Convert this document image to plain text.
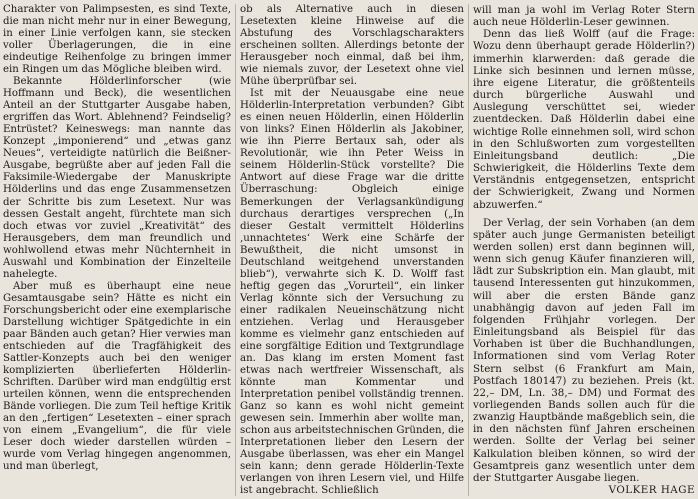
Charakter von Palimpsesten, es sind Texte, die man nicht mehr nur in einer Bewegung, in einer Linie verfolgen kann, sie stecken voller Überlagerungen, die in eine eindeutige Reihenfolge zu bringen immer ein Ringen um das Mögliche bleiben wird.

Bekannte Hölderlinforscher (wie Hoffmann und Beck), die wesentlichen Anteil an der Stuttgarter Ausgabe haben, ergriffen das Wort. Ablehnend? Feindselig? Entrüstet? Keineswegs: man nannte das Konzept „imponierend“ und „etwas ganz Neues“, verteidigte natürlich die Beißner-Ausgabe, begrüßte aber auf jeden Fall die Faksimile-Wiedergabe der Manuskripte Hölderlins und das enge Zusammensetzen der Schritte bis zum Lesetext. Nur was dessen Gestalt angeht, fürchtete man sich doch etwas vor zuviel „Kreativität“ des Herausgebers, dem man freundlich und wohlwollend etwas mehr Nüchternheit in Auswahl und Kombination der Einzelteile nahelegte.

Aber muß es überhaupt eine neue Gesamtausgabe sein? Hätte es nicht ein Forschungsbericht oder eine exemplarische Darstellung wichtiger Spätgedichte in ein paar Bänden auch getan? Hier verwies man entschieden auf die Tragfähigkeit des Sattler-Konzepts auch bei den weniger komplizierten überlieferten Hölderlin-Schriften. Darüber wird man endgültig erst urteilen können, wenn die entsprechenden Bände vorliegen. Die zum Teil heftige Kritik an den „fertigen“ Lesetexten – einer sprach von einem „Evangelium“, die für viele Leser doch wieder darstellen würden – wurde vom Verlag hingegen angenommen, und man überlegt,

ob als Alternative auch in diesen Lesetexten kleine Hinweise auf die Abstufung des Vorschlagscharakters erscheinen sollten. Allerdings betonte der Herausgeber noch einmal, daß bei ihm, wie niemals zuvor, der Lesetext ohne viel Mühe überprüfbar sei.

Ist mit der Neuausgabe eine neue Hölderlin-Interpretation verbunden? Gibt es einen neuen Hölderlin, einen Hölderlin von links? Einen Hölderlin als Jakobiner, wie ihn Pierre Bertaux sah, oder als Revolutionär, wie ihn Peter Weiss in seinem Hölderlin-Stück vorstellte? Die Antwort auf diese Frage war die dritte Überraschung: Obgleich einige Bemerkungen der Verlagsankündigung durchaus derartiges versprechen („In dieser Gestalt vermittelt Hölderlins ‚unnachtetes‘ Werk eine Schärfe der Bewußtheit, die nicht umsonst in Deutschland weitgehend unverstanden blieb“), verwahrte sich K. D. Wolff fast heftig gegen das „Vorurteil“, ein linker Verlag könnte sich der Versuchung zu einer radikalen Neueinschätzung nicht entziehen. Verlag und Herausgeber komme es vielmehr ganz entschieden auf eine sorgfältige Edition und Textgrundlage an. Das klang im ersten Moment fast etwas nach wertfreier Wissenschaft, als könnte man Kommentar und Interpretation penibel vollständig trennen. Ganz so kann es wohl nicht gemeint gewesen sein. Immerhin aber wollte man, schon aus arbeitstechnischen Gründen, die Interpretationen lieber den Lesern der Ausgabe überlassen, was eher ein Mangel sein kann; denn gerade Hölderlin-Texte verlangen von ihren Lesern viel, und Hilfe ist angebracht. Schließlich

will man ja wohl im Verlag Roter Stern auch neue Hölderlin-Leser gewinnen.

Denn das ließ Wolff (auf die Frage: Wozu denn überhaupt gerade Hölderlin?) immerhin klarwerden: daß gerade die Linke sich besinnen und lernen müsse, ihre eigene Literatur, die größtenteils durch bürgerliche Auswahl und Auslegung verschüttet sei, wieder zuentdecken. Daß Hölderlin dabei eine wichtige Rolle einnehmen soll, wird schon in den Schlußworten zum vorgestellten Einleitungsband deutlich: „Die Schwierigkeit, die Hölderlins Texte dem Verständnis entgegensetzen, entspricht der Schwierigkeit, Zwang und Normen abzuwerfen.“

Der Verlag, der sein Vorhaben (an dem später auch junge Germanisten beteiligt werden sollen) erst dann beginnen will, wenn sich genug Käufer finanzieren will, lädt zur Subskription ein. Man glaubt, mit tausend Interessenten gut hinzukommen, will aber die ersten Bände ganz unabhängig davon auf jeden Fall im folgenden Frühjahr vorlegen. Der Einleitungsband als Beispiel für das Vorhaben ist über die Buchhandlungen, Informationen sind vom Verlag Roter Stern selbst (6 Frankfurt am Main, Postfach 180147) zu beziehen. Preis (kt. 22,– DM, Ln. 38,– DM) und Format des vorliegenden Bands sollen auch für die zwanzig Hauptbände maßgeblich sein, die in den nächsten fünf Jahren erscheinen werden. Sollte der Verlag bei seiner Kalkulation bleiben können, so wird der Gesamtpreis ganz wesentlich unter dem der Stuttgarter Ausgabe liegen.

VOLKER HAGE
